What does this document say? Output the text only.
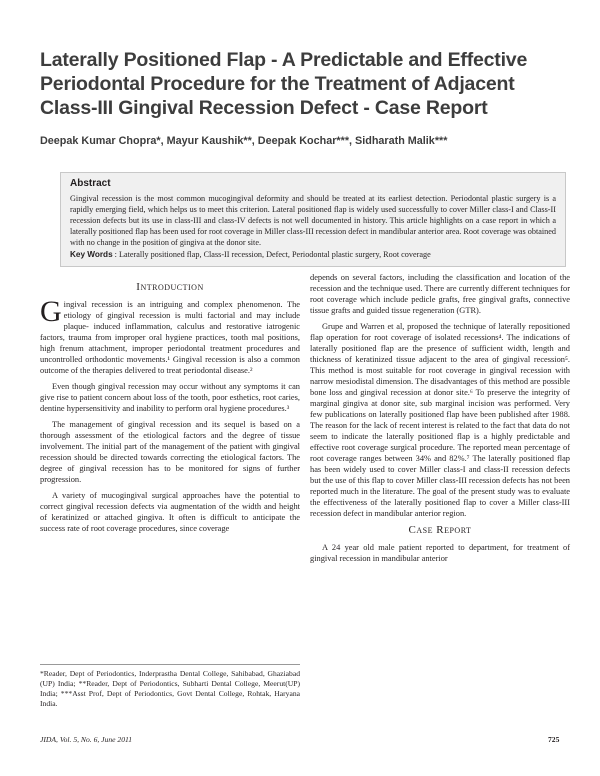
Laterally Positioned Flap - A Predictable and Effective Periodontal Procedure for the Treatment of Adjacent Class-III Gingival Recession Defect - Case Report

Deepak Kumar Chopra*, Mayur Kaushik**, Deepak Kochar***, Sidharath Malik***

Abstract

Gingival recession is the most common mucogingival deformity and should be treated at its earliest detection. Periodontal plastic surgery is a rapidly emerging field, which helps us to meet this criterion. Lateral positioned flap is widely used successfully to cover Miller class-I and Class-II recession defects but its use in class-III and class-IV defects is not well documented in history. This article highlights on a case report in which a laterally positioned flap has been used for root coverage in Miller class-III recession defect in mandibular anterior area. Root coverage was obtained with no change in the position of gingiva at the donor site.

Key Words : Laterally positioned flap, Class-II recession, Defect, Periodontal plastic surgery, Root coverage

Introduction

Gingival recession is an intriguing and complex phenomenon. The etiology of gingival recession is multi factorial and may include plaque- induced inflammation, calculus and restorative iatrogenic factors, trauma from improper oral hygiene practices, tooth mal positions, high frenum attachment, improper periodontal treatment procedures and uncontrolled orthodontic movements.¹ Gingival recession is also a common outcome of the therapies delivered to treat periodontal disease.²

Even though gingival recession may occur without any symptoms it can give rise to patient concern about loss of the tooth, poor esthetics, root caries, dentine hypersensitivity and inability to perform oral hygiene procedures.³

The management of gingival recession and its sequel is based on a thorough assessment of the etiological factors and the degree of tissue involvement. The initial part of the management of the patient with gingival recession should be directed towards correcting the etiological factors. The degree of gingival recession has to be monitored for signs of further progression.

A variety of mucogingival surgical approaches have the potential to correct gingival recession defects via augmentation of the width and height of keratinized or attached gingiva. It often is difficult to anticipate the success rate of root coverage procedures, since coverage

depends on several factors, including the classification and location of the recession and the technique used. There are currently different techniques for root coverage which include pedicle grafts, free gingival grafts, connective tissue grafts and guided tissue regeneration (GTR).

Grupe and Warren et al, proposed the technique of laterally repositioned flap operation for root coverage of isolated recessions⁴. The indications of laterally positioned flap are the presence of sufficient width, length and thickness of keratinized tissue adjacent to the area of gingival recession⁵. This method is most suitable for root coverage in gingival recession with narrow mesiodistal dimension. The disadvantages of this method are possible bone loss and gingival recession at donor site.⁶ To preserve the integrity of marginal gingiva at donor site, sub marginal incision was performed. Very few publications on laterally positioned flap have been published after 1988. The reason for the lack of recent interest is related to the fact that data do not seem to indicate the laterally positioned flap is a highly predictable and effective root coverage surgical procedure. The reported mean percentage of root coverage ranges between 34% and 82%.⁷ The laterally positioned flap has been widely used to cover Miller class-I and class-II recession defects but the use of this flap to cover Miller class-III recession defects has not been reported much in the literature. The goal of the present study was to evaluate the effectiveness of the laterally positioned flap to cover a Miller class-III recession defect in mandibular anterior region.

Case Report

A 24 year old male patient reported to department, for treatment of gingival recession in mandibular anterior

*Reader, Dept of Periodontics, Inderprastha Dental College, Sahibabad, Ghaziabad (UP) India; **Reader, Dept of Periodontics, Subharti Dental College, Meerut(UP) India; ***Asst Prof, Dept of Periodontics, Govt Dental College, Rohtak, Haryana India.

JIDA, Vol. 5, No. 6, June 2011	725
